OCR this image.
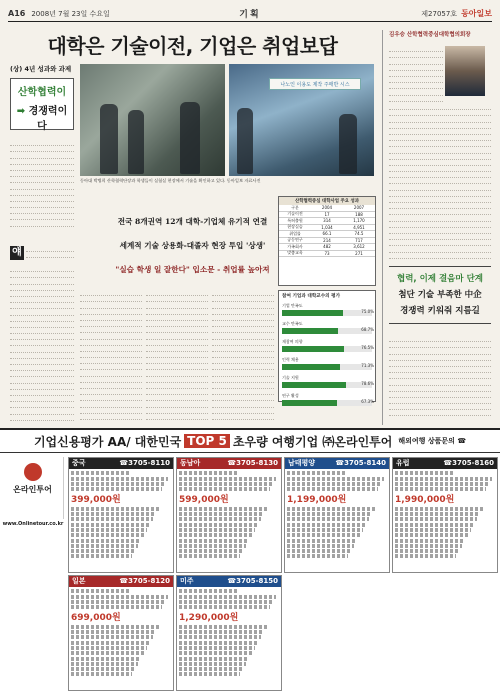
A16 2008년 7월 23일 수요일	기획	제27057호 동아일보
대학은 기술이전, 기업은 취업보답
(상) 4년 성과와 과제
산학협력이
➡ 경쟁력이다
나노인 이용도 제작 주매반 시스
동아대 박병희 산학협력단장과 학생들이 실험실 현장에서 기술을 확인하고 있다. 동아일보 자료사진
얘
전국 8개권역 12개 대학-기업체 유기적 연결
세계적 기술 상용화-대졸자 현장 투입 '상생'
"실습 학생 일 잘한다" 입소문 - 취업률 높아져
산학협력중심 대학사업 주요 성과
구분	2004	2007
기술이전	17	188
특허출원	314	1,170
현장실습	1,034	4,951
취업률	66.1	74.5
공동연구	214	717
가족회사	482	3,612
맞춤교육	73	271
참여 기업과 대학교수의 평가
기업 만족도
75.0%
교수 만족도
68.7%
재참여 의향
76.5%
인력 채용
71.3%
기술 지원
78.6%
연구 활성
67.3%
김우승 산학협력중심대학협의회장
협력, 이제 결음마 단계
첨단 기술 부족한 中企
경쟁력 키워줘 지름길
기업신용평가 AA/ 대한민국 TOP 5 초우량 여행기업 ㈜온라인투어 해외여행 상품문의 ☎
온라인투어
www.Onlinetour.co.kr
중국	☎3705-8110
399,000원
동남아	☎3705-8130
599,000원
남태평양	☎3705-8140
1,199,000원
유럽	☎3705-8160
1,990,000원
일본	☎3705-8120
699,000원
미주	☎3705-8150
1,290,000원
